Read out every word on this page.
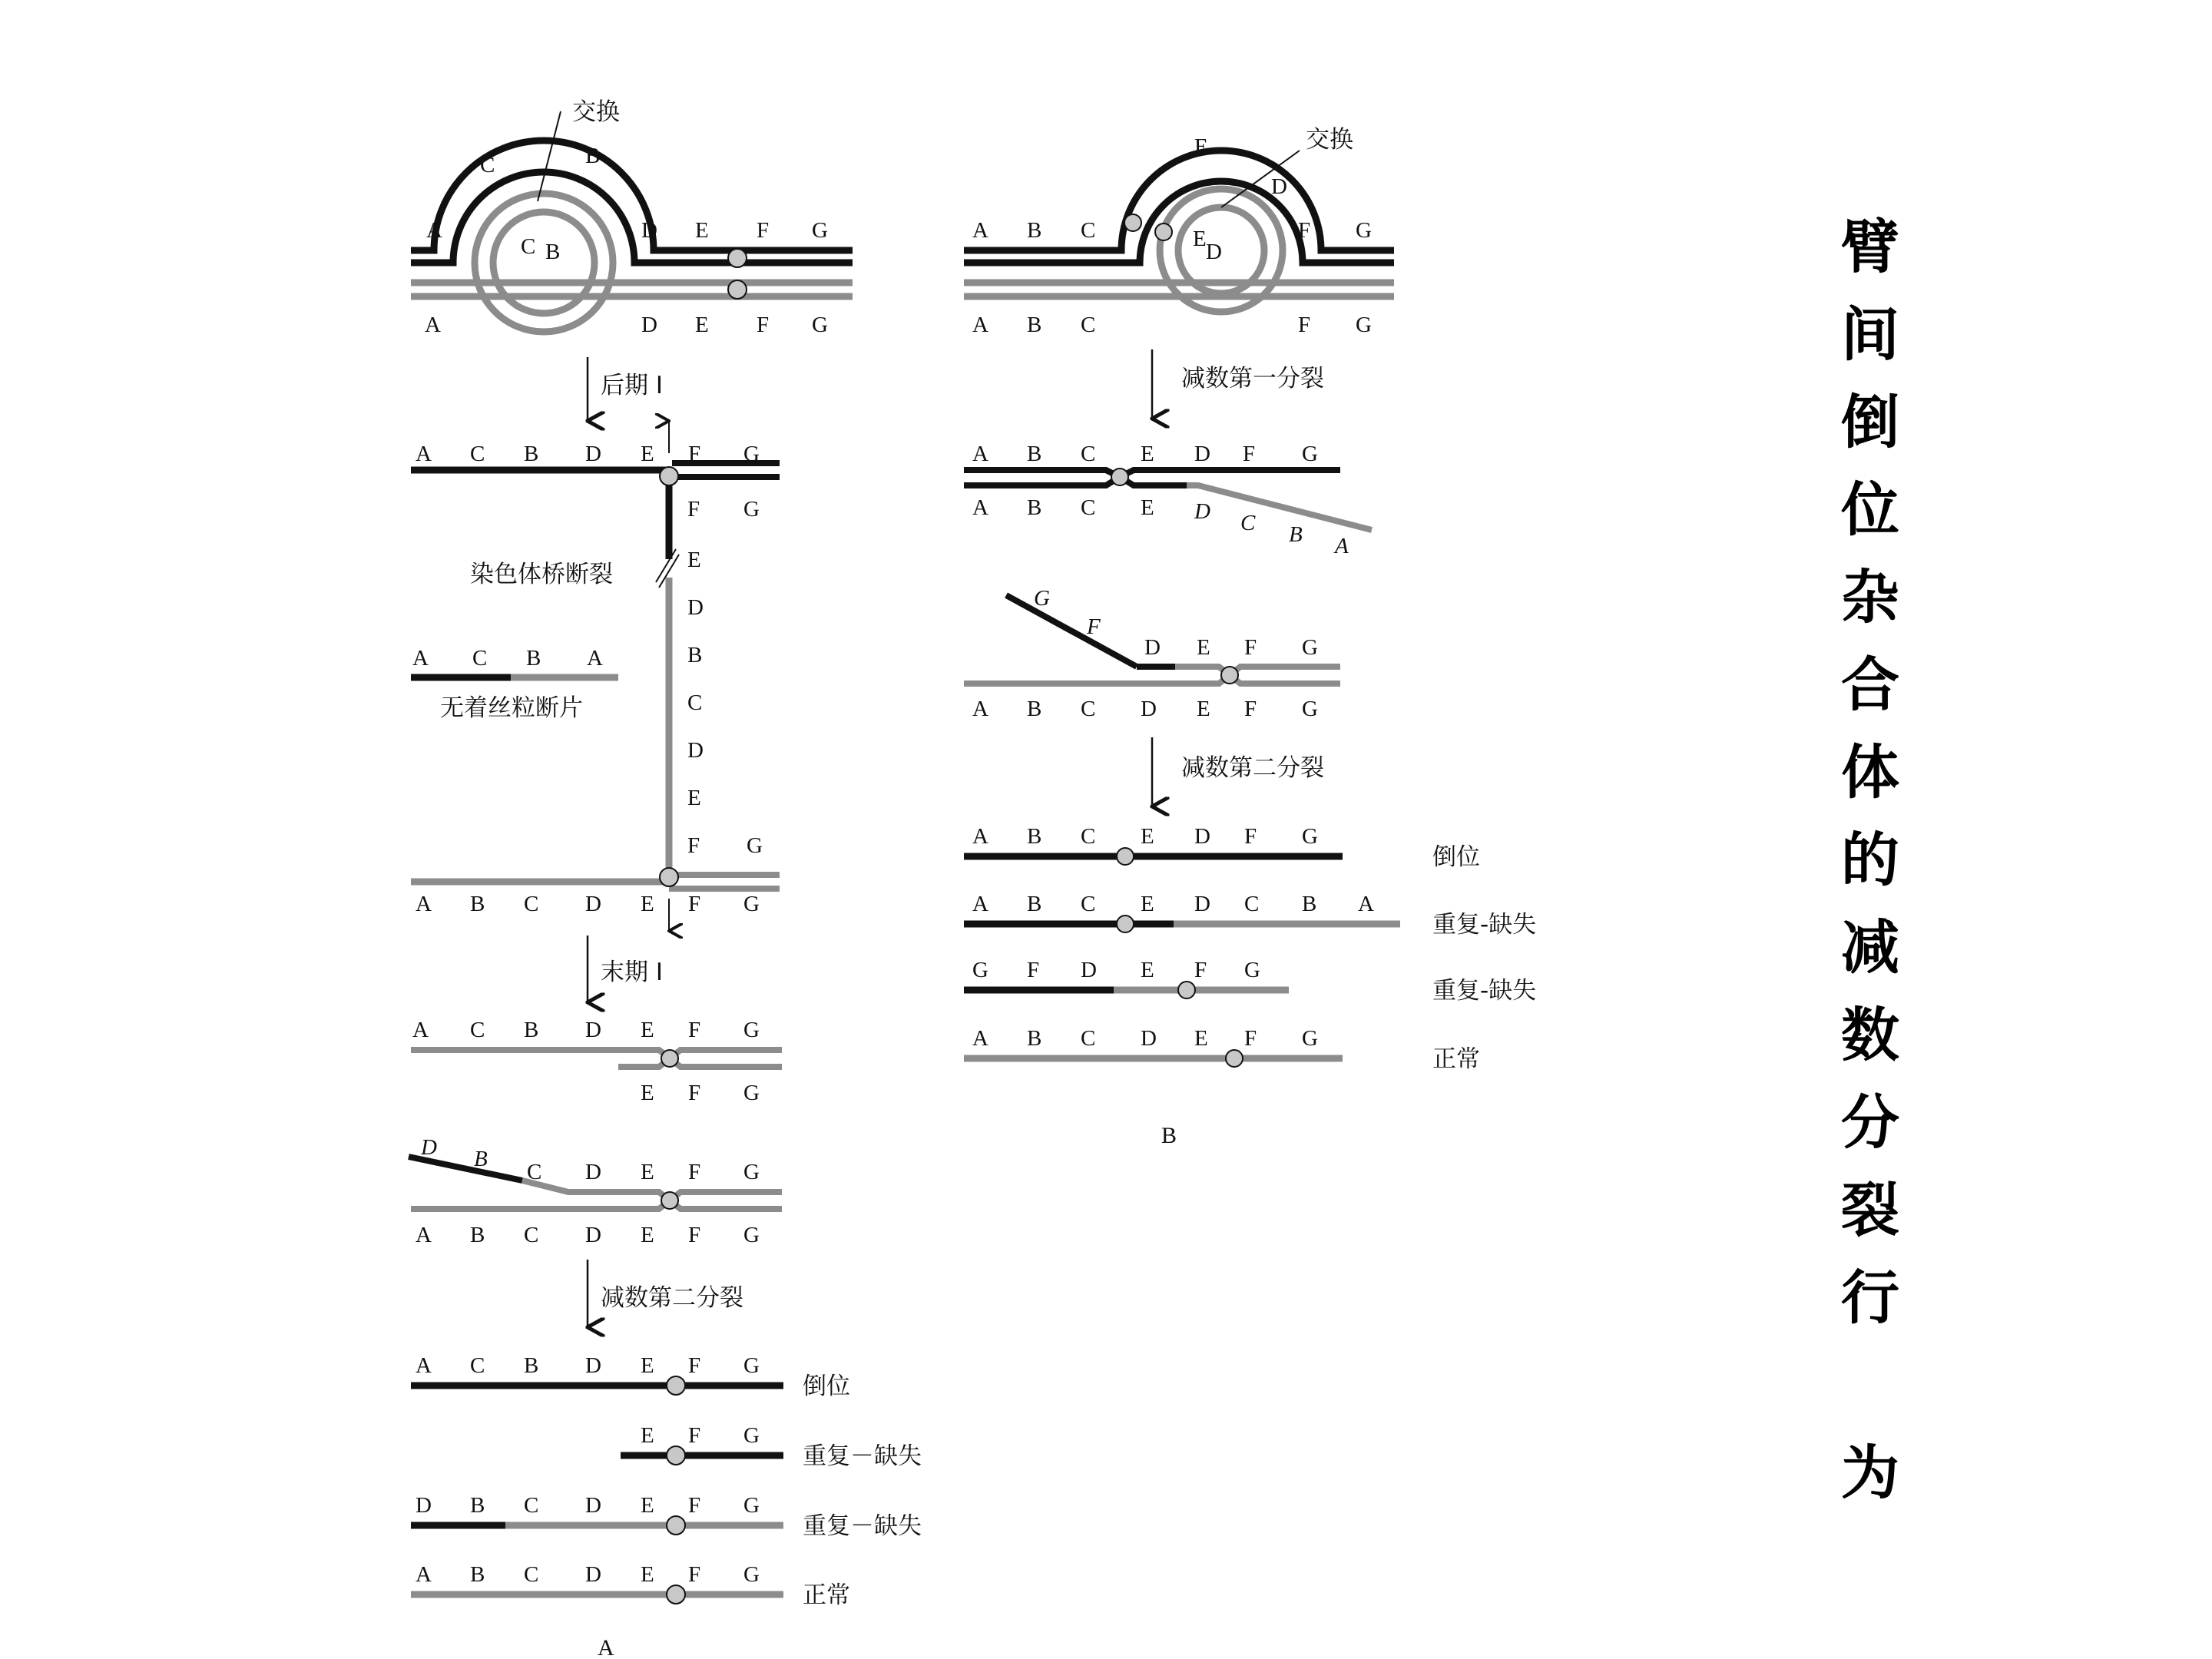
交换
A
C	B
C B
D E F G
A	D E F G
后期 I
A C B D E F G
F G
E
D
B
C
D
E
F G
A B C D E F G
染色体桥断裂
A C B A
无着丝粒断片
末期 I
A C B D E F G
E F G
D B
C D E F G
A B C D E F G
减数第二分裂
A C B D E F G
E F G
D B C D E F G
A B C D E F G
倒位
重复－缺失
重复－缺失
正常
A
交换
A B C
E
D
E
D
F G
A B C	F G
减数第一分裂
A B C E D F G
A B C E D C B A
G
F
D E F G
A B C D E F G
减数第二分裂
A B C E D F G
A B C E D C B A
G F D E F G
A B C D E F G
倒位
重复-缺失
重复-缺失
正常
B
臂
间
倒
位
杂
合
体
的
减
数
分
裂
行

为
